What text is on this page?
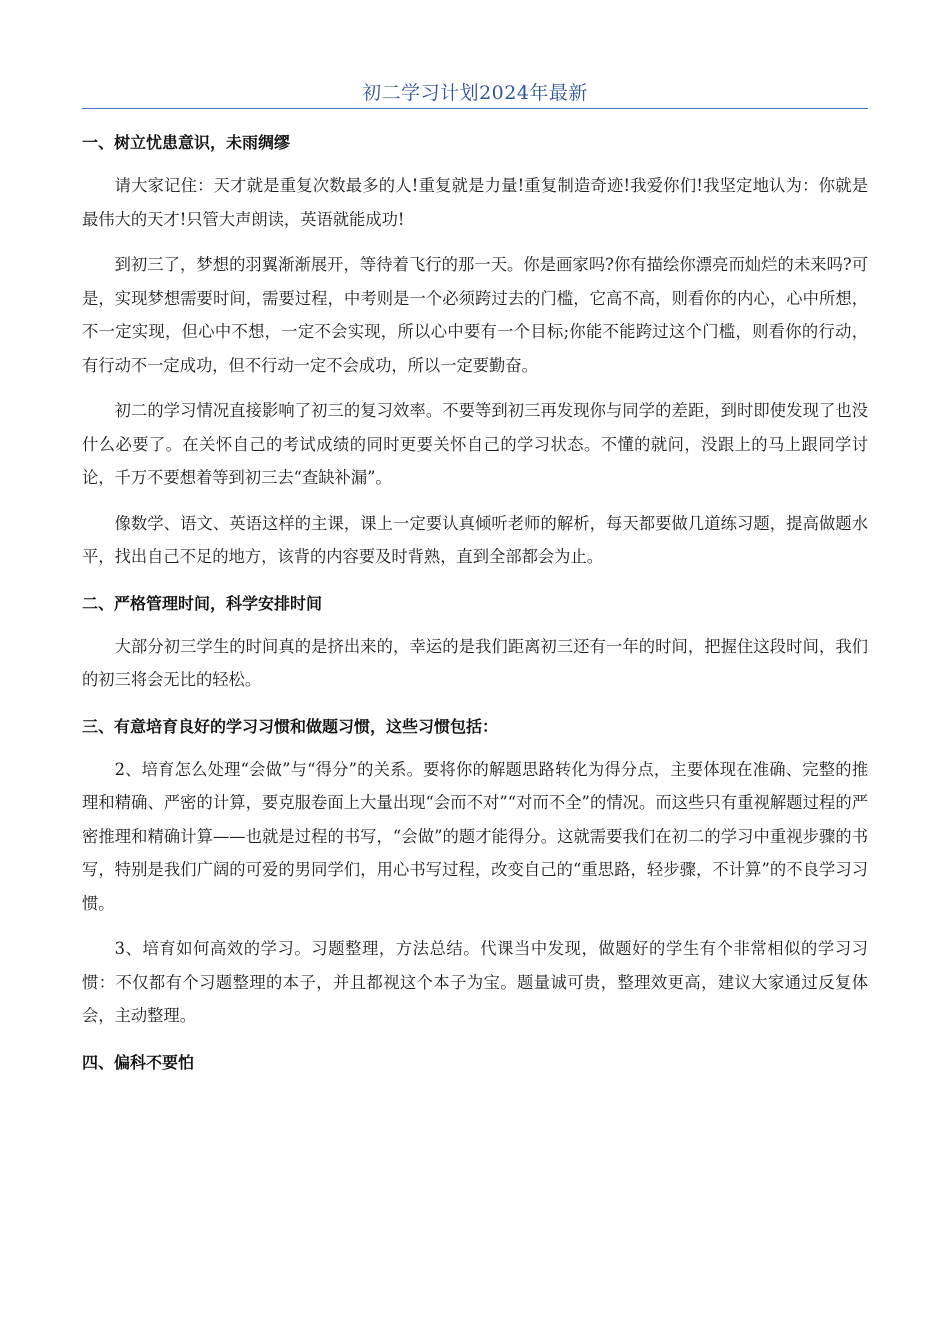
初二学习计划2024年最新
一、树立忧患意识，未雨绸缪

请大家记住：天才就是重复次数最多的人!重复就是力量!重复制造奇迹!我爱你们!我坚定地认为：你就是最伟大的天才!只管大声朗读，英语就能成功!

到初三了，梦想的羽翼渐渐展开，等待着飞行的那一天。你是画家吗?你有描绘你漂亮而灿烂的未来吗?可是，实现梦想需要时间，需要过程，中考则是一个必须跨过去的门槛，它高不高，则看你的内心，心中所想，不一定实现，但心中不想，一定不会实现，所以心中要有一个目标;你能不能跨过这个门槛，则看你的行动，有行动不一定成功，但不行动一定不会成功，所以一定要勤奋。

初二的学习情况直接影响了初三的复习效率。不要等到初三再发现你与同学的差距，到时即使发现了也没什么必要了。在关怀自己的考试成绩的同时更要关怀自己的学习状态。不懂的就问，没跟上的马上跟同学讨论，千万不要想着等到初三去“查缺补漏”。

像数学、语文、英语这样的主课，课上一定要认真倾听老师的解析，每天都要做几道练习题，提高做题水平，找出自己不足的地方，该背的内容要及时背熟，直到全部都会为止。

二、严格管理时间，科学安排时间

大部分初三学生的时间真的是挤出来的，幸运的是我们距离初三还有一年的时间，把握住这段时间，我们的初三将会无比的轻松。

三、有意培育良好的学习习惯和做题习惯，这些习惯包括：

2、培育怎么处理“会做”与“得分”的关系。要将你的解题思路转化为得分点，主要体现在准确、完整的推理和精确、严密的计算，要克服卷面上大量出现“会而不对”“对而不全”的情况。而这些只有重视解题过程的严密推理和精确计算——也就是过程的书写，“会做”的题才能得分。这就需要我们在初二的学习中重视步骤的书写，特别是我们广阔的可爱的男同学们，用心书写过程，改变自己的“重思路，轻步骤，不计算”的不良学习习惯。

3、培育如何高效的学习。习题整理，方法总结。代课当中发现，做题好的学生有个非常相似的学习习惯：不仅都有个习题整理的本子，并且都视这个本子为宝。题量诚可贵，整理效更高，建议大家通过反复体会，主动整理。

四、偏科不要怕
